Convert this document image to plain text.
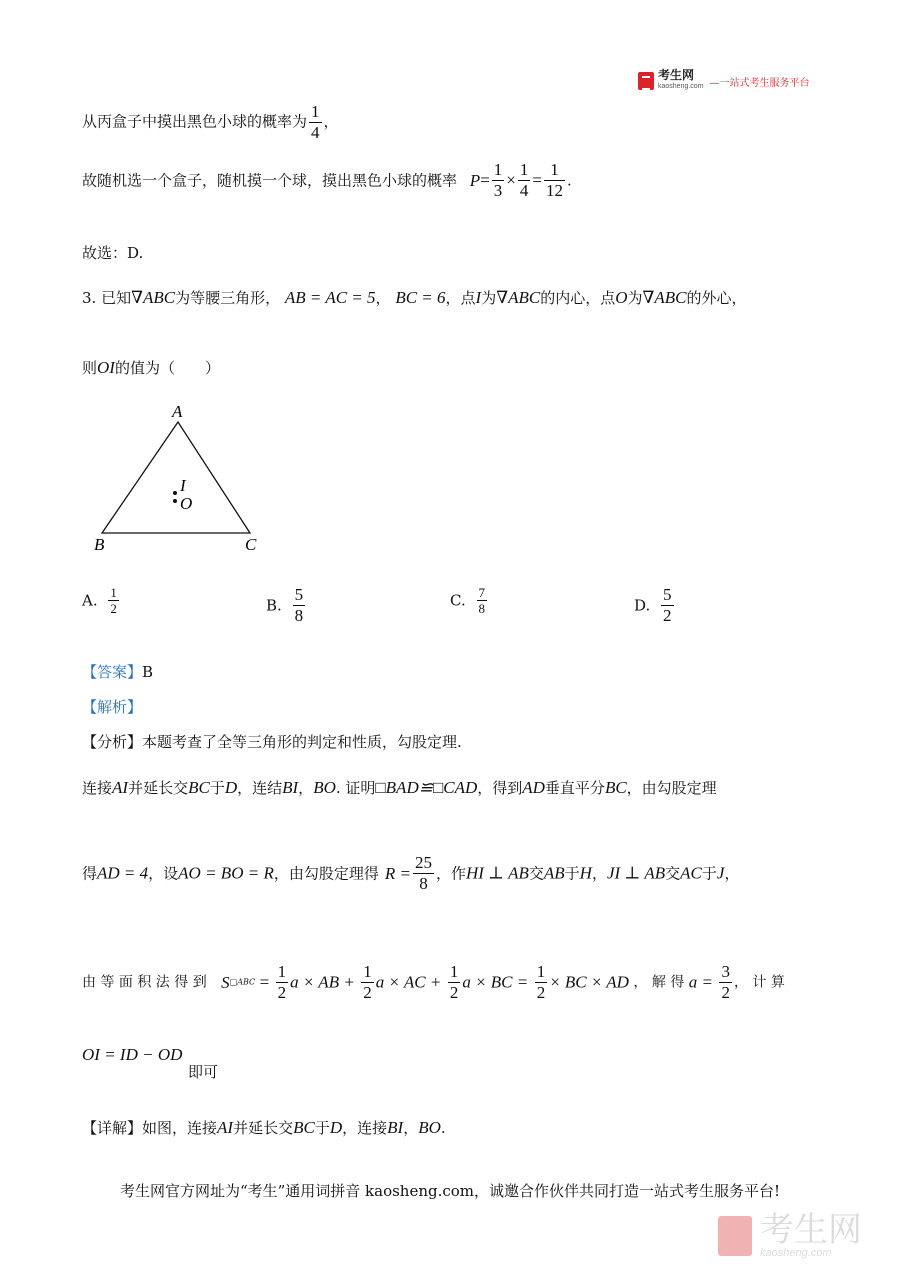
考生网
kaosheng.com —一站式考生服务平台
从丙盒子中摸出黑色小球的概率为 $\frac{1}{4}$ ，
故随机选一个盒子，随机摸一个球，摸出黑色小球的概率 $P= \frac{1}{3} \times \frac{1}{4} = \frac{1}{12}$ .
故选：D.
3. 已知∇ABC为等腰三角形， AB = AC = 5， BC = 6，点I为∇ABC的内心，点O为∇ABC的外心，
则OI的值为（　　）
A
B	C
I
O
A. $\frac{1}{2}$	B. $\frac{5}{8}$	C. $\frac{7}{8}$	D. $\frac{5}{2}$
【答案】B
【解析】
【分析】本题考查了全等三角形的判定和性质，勾股定理.
连接AI并延长交BC于D，连结BI，BO. 证明□BAD≌□CAD，得到AD垂直平分BC，由勾股定理
得AD = 4，设AO = BO = R，由勾股定理得 $R = \frac{25}{8}$ ，作HI ⊥ AB交AB于H，JI ⊥ AB交AC于J，
由 等 面 积 法 得 到 S□ABC = $\frac{1}{2}$ a × AB + $\frac{1}{2}$ a × AC + $\frac{1}{2}$ a × BC = $\frac{1}{2}$ × BC × AD ， 解 得 $a = \frac{3}{2}$ ， 计 算
OI = ID − OD
即可
【详解】如图，连接AI并延长交BC于D，连接BI，BO.
考生网官方网址为“考生”通用词拼音 kaosheng.com，诚邀合作伙伴共同打造一站式考生服务平台!
考生网
kaosheng.com
